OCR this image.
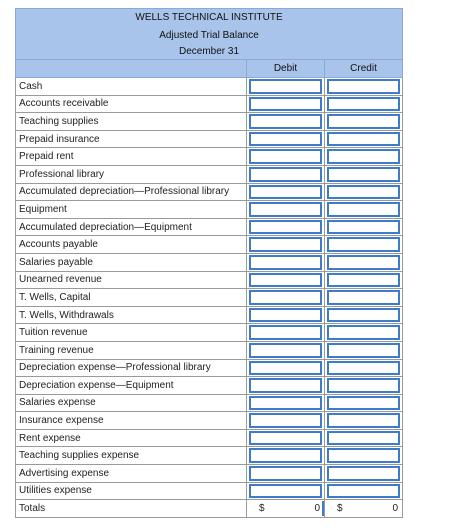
WELLS TECHNICAL INSTITUTE		
Adjusted Trial Balance		
December 31		
	Debit	Credit
Cash	

Accounts receivable	

Teaching supplies	

Prepaid insurance	

Prepaid rent	

Professional library	

Accumulated depreciation—Professional library	

Equipment	

Accumulated depreciation—Equipment	

Accounts payable	

Salaries payable	

Unearned revenue	

T. Wells, Capital	

T. Wells, Withdrawals	

Tuition revenue	

Training revenue	

Depreciation expense—Professional library	

Depreciation expense—Equipment	

Salaries expense	

Insurance expense	

Rent expense	

Teaching supplies expense	

Advertising expense	

Utilities expense	

Totals	$ 0	$ 0
